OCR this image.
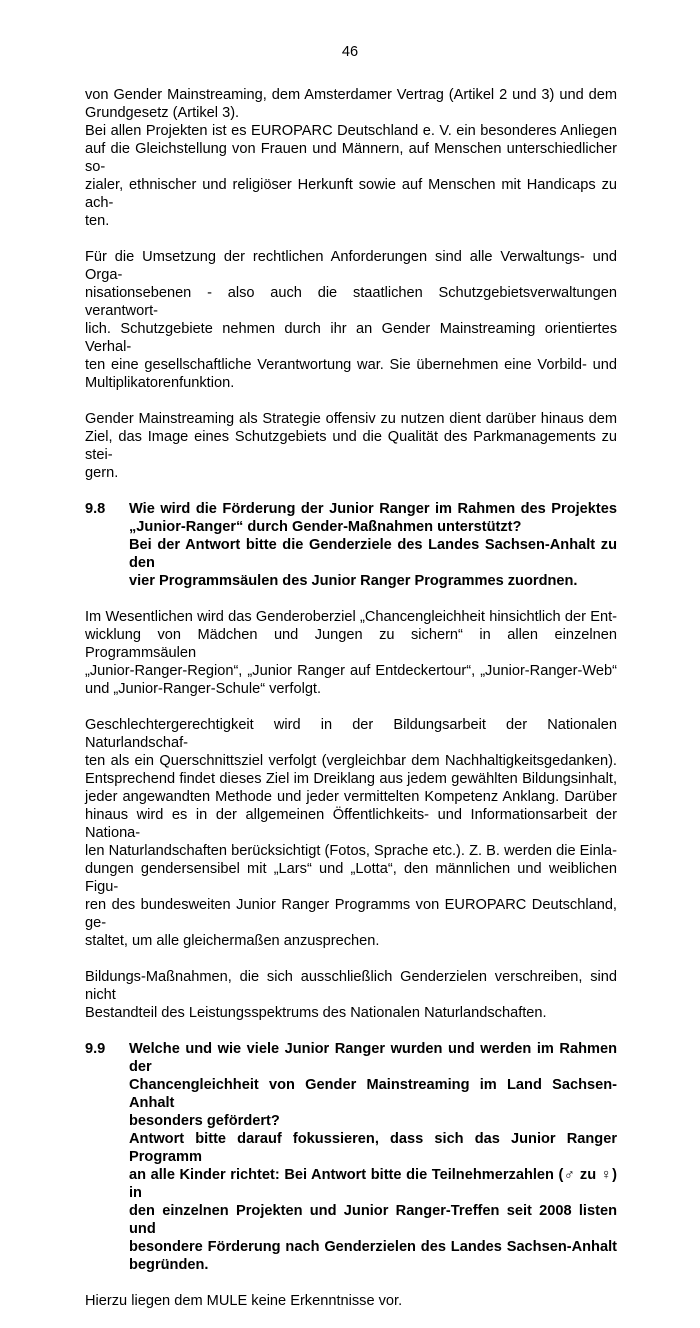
46
von Gender Mainstreaming, dem Amsterdamer Vertrag (Artikel 2 und 3) und dem
Grundgesetz (Artikel 3).
Bei allen Projekten ist es EUROPARC Deutschland e. V. ein besonderes Anliegen
auf die Gleichstellung von Frauen und Männern, auf Menschen unterschiedlicher so-
zialer, ethnischer und religiöser Herkunft sowie auf Menschen mit Handicaps zu ach-
ten.
Für die Umsetzung der rechtlichen Anforderungen sind alle Verwaltungs- und Orga-
nisationsebenen - also auch die staatlichen Schutzgebietsverwaltungen verantwort-
lich. Schutzgebiete nehmen durch ihr an Gender Mainstreaming orientiertes Verhal-
ten eine gesellschaftliche Verantwortung war. Sie übernehmen eine Vorbild- und
Multiplikatorenfunktion.
Gender Mainstreaming als Strategie offensiv zu nutzen dient darüber hinaus dem
Ziel, das Image eines Schutzgebiets und die Qualität des Parkmanagements zu stei-
gern.
9.8	Wie wird die Förderung der Junior Ranger im Rahmen des Projektes
„Junior-Ranger“ durch Gender-Maßnahmen unterstützt?
Bei der Antwort bitte die Genderziele des Landes Sachsen-Anhalt zu den
vier Programmsäulen des Junior Ranger Programmes zuordnen.
Im Wesentlichen wird das Genderoberziel „Chancengleichheit hinsichtlich der Ent-
wicklung von Mädchen und Jungen zu sichern“ in allen einzelnen Programmsäulen
„Junior-Ranger-Region“, „Junior Ranger auf Entdeckertour“, „Junior-Ranger-Web“
und „Junior-Ranger-Schule“ verfolgt.
Geschlechtergerechtigkeit wird in der Bildungsarbeit der Nationalen Naturlandschaf-
ten als ein Querschnittsziel verfolgt (vergleichbar dem Nachhaltigkeitsgedanken).
Entsprechend findet dieses Ziel im Dreiklang aus jedem gewählten Bildungsinhalt,
jeder angewandten Methode und jeder vermittelten Kompetenz Anklang. Darüber
hinaus wird es in der allgemeinen Öffentlichkeits- und Informationsarbeit der Nationa-
len Naturlandschaften berücksichtigt (Fotos, Sprache etc.). Z. B. werden die Einla-
dungen gendersensibel mit „Lars“ und „Lotta“, den männlichen und weiblichen Figu-
ren des bundesweiten Junior Ranger Programms von EUROPARC Deutschland, ge-
staltet, um alle gleichermaßen anzusprechen.
Bildungs-Maßnahmen, die sich ausschließlich Genderzielen verschreiben, sind nicht
Bestandteil des Leistungsspektrums des Nationalen Naturlandschaften.
9.9	Welche und wie viele Junior Ranger wurden und werden im Rahmen der
Chancengleichheit von Gender Mainstreaming im Land Sachsen-Anhalt
besonders gefördert?
Antwort bitte darauf fokussieren, dass sich das Junior Ranger Programm
an alle Kinder richtet: Bei Antwort bitte die Teilnehmerzahlen (♂ zu ♀) in
den einzelnen Projekten und Junior Ranger-Treffen seit 2008 listen und
besondere Förderung nach Genderzielen des Landes Sachsen-Anhalt
begründen.
Hierzu liegen dem MULE keine Erkenntnisse vor.
